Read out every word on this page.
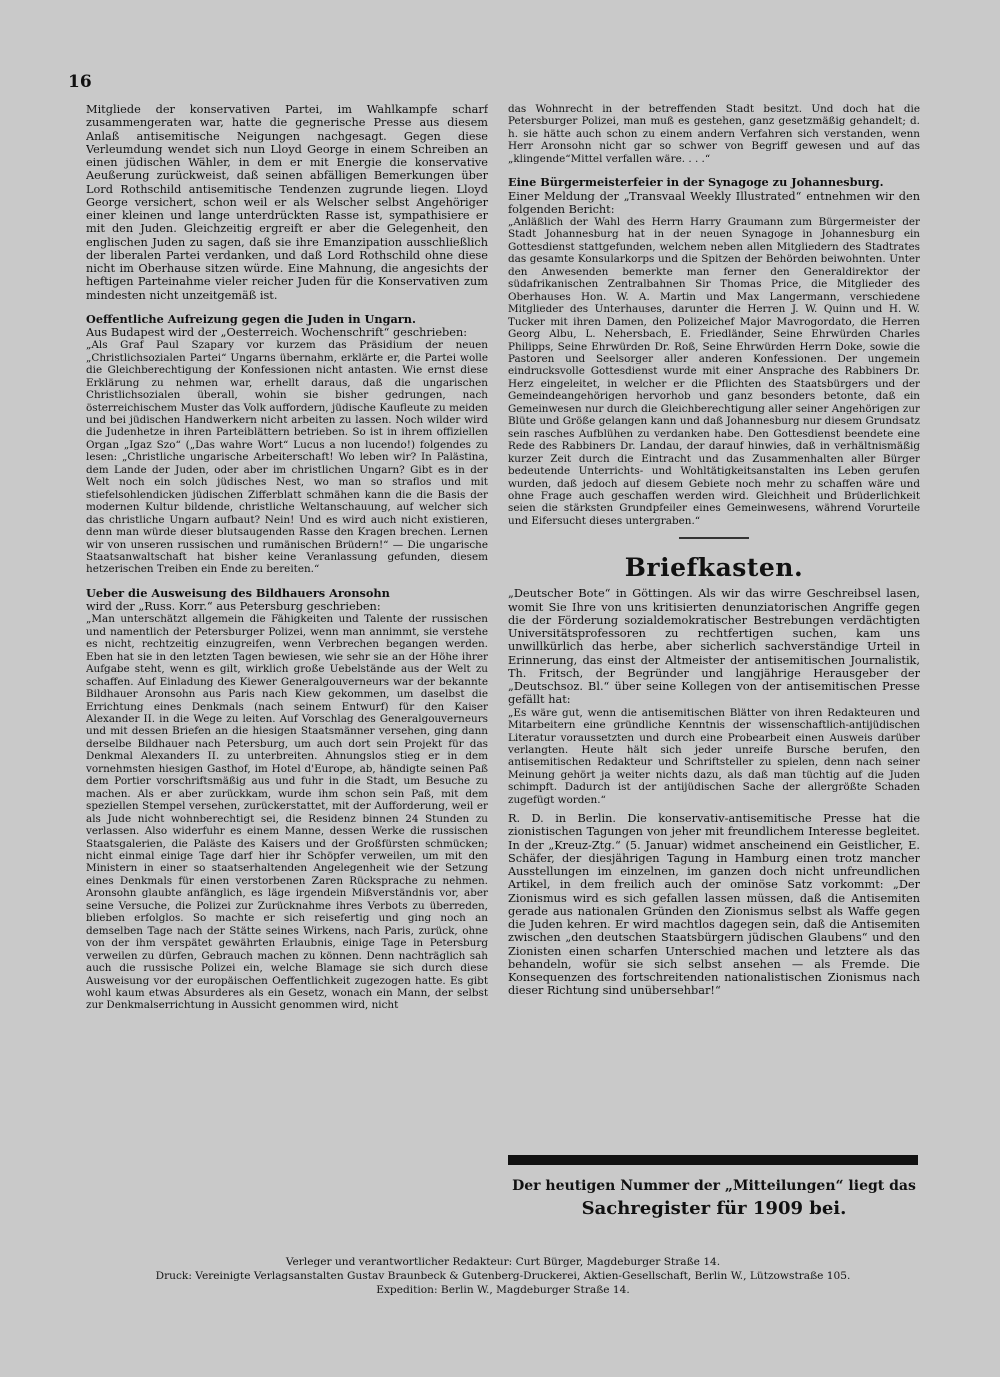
16

Mitgliede der konservativen Partei, im Wahlkampfe scharf zusammengeraten war, hatte die gegnerische Presse aus diesem Anlaß antisemitische Neigungen nachgesagt. Gegen diese Verleumdung wendet sich nun Lloyd George in einem Schreiben an einen jüdischen Wähler, in dem er mit Energie die konservative Aeußerung zurückweist, daß seinen abfälligen Bemerkungen über Lord Rothschild antisemitische Tendenzen zugrunde liegen. Lloyd George versichert, schon weil er als Welscher selbst Angehöriger einer kleinen und lange unterdrückten Rasse ist, sympathisiere er mit den Juden. Gleichzeitig ergreift er aber die Gelegenheit, den englischen Juden zu sagen, daß sie ihre Emanzipation ausschließlich der liberalen Partei verdanken, und daß Lord Rothschild ohne diese nicht im Oberhause sitzen würde. Eine Mahnung, die angesichts der heftigen Parteinahme vieler reicher Juden für die Konservativen zum mindesten nicht unzeitgemäß ist.

Oeffentliche Aufreizung gegen die Juden in Ungarn.

Aus Budapest wird der „Oesterreich. Wochenschrift“ geschrieben:

„Als Graf Paul Szapary vor kurzem das Präsidium der neuen „Christlichsozialen Partei“ Ungarns übernahm, erklärte er, die Partei wolle die Gleichberechtigung der Konfessionen nicht antasten. Wie ernst diese Erklärung zu nehmen war, erhellt daraus, daß die ungarischen Christlichsozialen überall, wohin sie bisher gedrungen, nach österreichischem Muster das Volk auffordern, jüdische Kaufleute zu meiden und bei jüdischen Handwerkern nicht arbeiten zu lassen. Noch wilder wird die Judenhetze in ihren Parteiblättern betrieben. So ist in ihrem offiziellen Organ „Igaz Szo“ („Das wahre Wort“ Lucus a non lucendo!) folgendes zu lesen: „Christliche ungarische Arbeiterschaft! Wo leben wir? In Palästina, dem Lande der Juden, oder aber im christlichen Ungarn? Gibt es in der Welt noch ein solch jüdisches Nest, wo man so straflos und mit stiefelsohlendicken jüdischen Zifferblatt schmähen kann die die Basis der modernen Kultur bildende, christliche Weltanschauung, auf welcher sich das christliche Ungarn aufbaut? Nein! Und es wird auch nicht existieren, denn man würde dieser blutsaugenden Rasse den Kragen brechen. Lernen wir von unseren russischen und rumänischen Brüdern!“ — Die ungarische Staatsanwaltschaft hat bisher keine Veranlassung gefunden, diesem hetzerischen Treiben ein Ende zu bereiten.“

Ueber die Ausweisung des Bildhauers Aronsohn

wird der „Russ. Korr.“ aus Petersburg geschrieben:

„Man unterschätzt allgemein die Fähigkeiten und Talente der russischen und namentlich der Petersburger Polizei, wenn man annimmt, sie verstehe es nicht, rechtzeitig einzugreifen, wenn Verbrechen begangen werden. Eben hat sie in den letzten Tagen bewiesen, wie sehr sie an der Höhe ihrer Aufgabe steht, wenn es gilt, wirklich große Uebelstände aus der Welt zu schaffen. Auf Einladung des Kiewer Generalgouverneurs war der bekannte Bildhauer Aronsohn aus Paris nach Kiew gekommen, um daselbst die Errichtung eines Denkmals (nach seinem Entwurf) für den Kaiser Alexander II. in die Wege zu leiten. Auf Vorschlag des Generalgouverneurs und mit dessen Briefen an die hiesigen Staatsmänner versehen, ging dann derselbe Bildhauer nach Petersburg, um auch dort sein Projekt für das Denkmal Alexanders II. zu unterbreiten. Ahnungslos stieg er in dem vornehmsten hiesigen Gasthof, im Hotel d'Europe, ab, händigte seinen Paß dem Portier vorschriftsmäßig aus und fuhr in die Stadt, um Besuche zu machen. Als er aber zurückkam, wurde ihm schon sein Paß, mit dem speziellen Stempel versehen, zurückerstattet, mit der Aufforderung, weil er als Jude nicht wohnberechtigt sei, die Residenz binnen 24 Stunden zu verlassen. Also widerfuhr es einem Manne, dessen Werke die russischen Staatsgalerien, die Paläste des Kaisers und der Großfürsten schmücken; nicht einmal einige Tage darf hier ihr Schöpfer verweilen, um mit den Ministern in einer so staatserhaltenden Angelegenheit wie der Setzung eines Denkmals für einen verstorbenen Zaren Rücksprache zu nehmen. Aronsohn glaubte anfänglich, es läge irgendein Mißverständnis vor, aber seine Versuche, die Polizei zur Zurücknahme ihres Verbots zu überreden, blieben erfolglos. So machte er sich reisefertig und ging noch an demselben Tage nach der Stätte seines Wirkens, nach Paris, zurück, ohne von der ihm verspätet gewährten Erlaubnis, einige Tage in Petersburg verweilen zu dürfen, Gebrauch machen zu können. Denn nachträglich sah auch die russische Polizei ein, welche Blamage sie sich durch diese Ausweisung vor der europäischen Oeffentlichkeit zugezogen hatte. Es gibt wohl kaum etwas Absurderes als ein Gesetz, wonach ein Mann, der selbst zur Denkmalserrichtung in Aussicht genommen wird, nicht

das Wohnrecht in der betreffenden Stadt besitzt. Und doch hat die Petersburger Polizei, man muß es gestehen, ganz gesetzmäßig gehandelt; d. h. sie hätte auch schon zu einem andern Verfahren sich verstanden, wenn Herr Aronsohn nicht gar so schwer von Begriff gewesen und auf das „klingende“Mittel verfallen wäre. . . .“

Eine Bürgermeisterfeier in der Synagoge zu Johannesburg.

Einer Meldung der „Transvaal Weekly Illustrated“ entnehmen wir den folgenden Bericht:

„Anläßlich der Wahl des Herrn Harry Graumann zum Bürgermeister der Stadt Johannesburg hat in der neuen Synagoge in Johannesburg ein Gottesdienst stattgefunden, welchem neben allen Mitgliedern des Stadtrates das gesamte Konsularkorps und die Spitzen der Behörden beiwohnten. Unter den Anwesenden bemerkte man ferner den Generaldirektor der südafrikanischen Zentralbahnen Sir Thomas Price, die Mitglieder des Oberhauses Hon. W. A. Martin und Max Langermann, verschiedene Mitglieder des Unterhauses, darunter die Herren J. W. Quinn und H. W. Tucker mit ihren Damen, den Polizeichef Major Mavrogordato, die Herren Georg Albu, L. Nehersbach, E. Friedländer, Seine Ehrwürden Charles Philipps, Seine Ehrwürden Dr. Roß, Seine Ehrwürden Herrn Doke, sowie die Pastoren und Seelsorger aller anderen Konfessionen. Der ungemein eindrucksvolle Gottesdienst wurde mit einer Ansprache des Rabbiners Dr. Herz eingeleitet, in welcher er die Pflichten des Staatsbürgers und der Gemeindeangehörigen hervorhob und ganz besonders betonte, daß ein Gemeinwesen nur durch die Gleichberechtigung aller seiner Angehörigen zur Blüte und Größe gelangen kann und daß Johannesburg nur diesem Grundsatz sein rasches Aufblühen zu verdanken habe. Den Gottesdienst beendete eine Rede des Rabbiners Dr. Landau, der darauf hinwies, daß in verhältnismäßig kurzer Zeit durch die Eintracht und das Zusammenhalten aller Bürger bedeutende Unterrichts- und Wohltätigkeitsanstalten ins Leben gerufen wurden, daß jedoch auf diesem Gebiete noch mehr zu schaffen wäre und ohne Frage auch geschaffen werden wird. Gleichheit und Brüderlichkeit seien die stärksten Grundpfeiler eines Gemeinwesens, während Vorurteile und Eifersucht dieses untergraben.“

Briefkasten.

„Deutscher Bote“ in Göttingen. Als wir das wirre Geschreibsel lasen, womit Sie Ihre von uns kritisierten denunziatorischen Angriffe gegen die der Förderung sozialdemokratischer Bestrebungen verdächtigten Universitätsprofessoren zu rechtfertigen suchen, kam uns unwillkürlich das herbe, aber sicherlich sachverständige Urteil in Erinnerung, das einst der Altmeister der antisemitischen Journalistik, Th. Fritsch, der Begründer und langjährige Herausgeber der „Deutschsoz. Bl.“ über seine Kollegen von der antisemitischen Presse gefällt hat:

„Es wäre gut, wenn die antisemitischen Blätter von ihren Redakteuren und Mitarbeitern eine gründliche Kenntnis der wissenschaftlich-antijüdischen Literatur voraussetzten und durch eine Probearbeit einen Ausweis darüber verlangten. Heute hält sich jeder unreife Bursche berufen, den antisemitischen Redakteur und Schriftsteller zu spielen, denn nach seiner Meinung gehört ja weiter nichts dazu, als daß man tüchtig auf die Juden schimpft. Dadurch ist der antijüdischen Sache der allergrößte Schaden zugefügt worden.“

R. D. in Berlin. Die konservativ-antisemitische Presse hat die zionistischen Tagungen von jeher mit freundlichem Interesse begleitet. In der „Kreuz-Ztg.“ (5. Januar) widmet anscheinend ein Geistlicher, E. Schäfer, der diesjährigen Tagung in Hamburg einen trotz mancher Ausstellungen im einzelnen, im ganzen doch nicht unfreundlichen Artikel, in dem freilich auch der ominöse Satz vorkommt: „Der Zionismus wird es sich gefallen lassen müssen, daß die Antisemiten gerade aus nationalen Gründen den Zionismus selbst als Waffe gegen die Juden kehren. Er wird machtlos dagegen sein, daß die Antisemiten zwischen „den deutschen Staatsbürgern jüdischen Glaubens“ und den Zionisten einen scharfen Unterschied machen und letztere als das behandeln, wofür sie sich selbst ansehen — als Fremde. Die Konsequenzen des fortschreitenden nationalistischen Zionismus nach dieser Richtung sind unübersehbar!“

Der heutigen Nummer der „Mitteilungen“ liegt das
Sachregister für 1909 bei.
Verleger und verantwortlicher Redakteur: Curt Bürger, Magdeburger Straße 14.
Druck: Vereinigte Verlagsanstalten Gustav Braunbeck & Gutenberg-Druckerei, Aktien-Gesellschaft, Berlin W., Lützowstraße 105.
Expedition: Berlin W., Magdeburger Straße 14.
